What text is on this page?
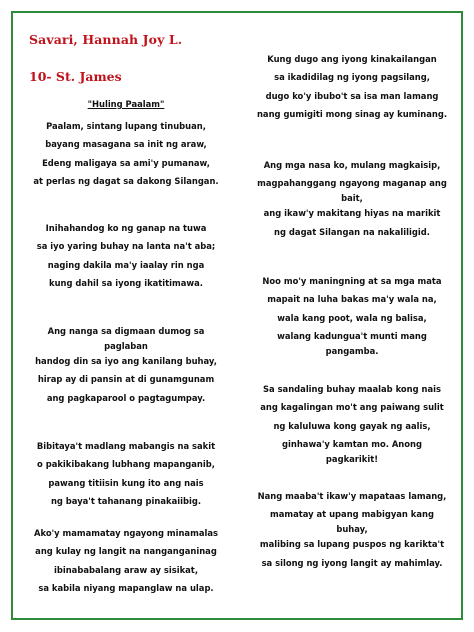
Savari, Hannah Joy L.
10- St. James
"Huling Paalam"
Paalam, sintang lupang tinubuan,
bayang masagana sa init ng araw,
Edeng maligaya sa ami'y pumanaw,
at perlas ng dagat sa dakong Silangan.
Inihahandog ko ng ganap na tuwa
sa iyo yaring buhay na lanta na't aba;
naging dakila ma'y iaalay rin nga
kung dahil sa iyong ikatitimawa.
Ang nanga sa digmaan dumog sa
paglaban
handog din sa iyo ang kanilang buhay,
hirap ay di pansin at di gunamgunam
ang pagkaparool o pagtagumpay.
Bibitaya't madlang mabangis na sakit
o pakikibakang lubhang mapanganib,
pawang titiisin kung ito ang nais
ng baya't tahanang pinakaiibig.
Ako'y mamamatay ngayong minamalas
ang kulay ng langit na nanganganinag
ibinababalang araw ay sisikat,
sa kabila niyang mapanglaw na ulap.
Kung dugo ang iyong kinakailangan
sa ikadidilag ng iyong pagsilang,
dugo ko'y ibubo't sa isa man lamang
nang gumigiti mong sinag ay kuminang.
Ang mga nasa ko, mulang magkaisip,
magpahanggang ngayong maganap ang
bait,
ang ikaw'y makitang hiyas na marikit
ng dagat Silangan na nakaliligid.
Noo mo'y maningning at sa mga mata
mapait na luha bakas ma'y wala na,
wala kang poot, wala ng balisa,
walang kadungua't munti mang
pangamba.
Sa sandaling buhay maalab kong nais
ang kagalingan mo't ang paiwang sulit
ng kaluluwa kong gayak ng aalis,
ginhawa'y kamtan mo. Anong
pagkarikit!
Nang maaba't ikaw'y mapataas lamang,
mamatay at upang mabigyan kang
buhay,
malibing sa lupang puspos ng karikta't
sa silong ng iyong langit ay mahimlay.
